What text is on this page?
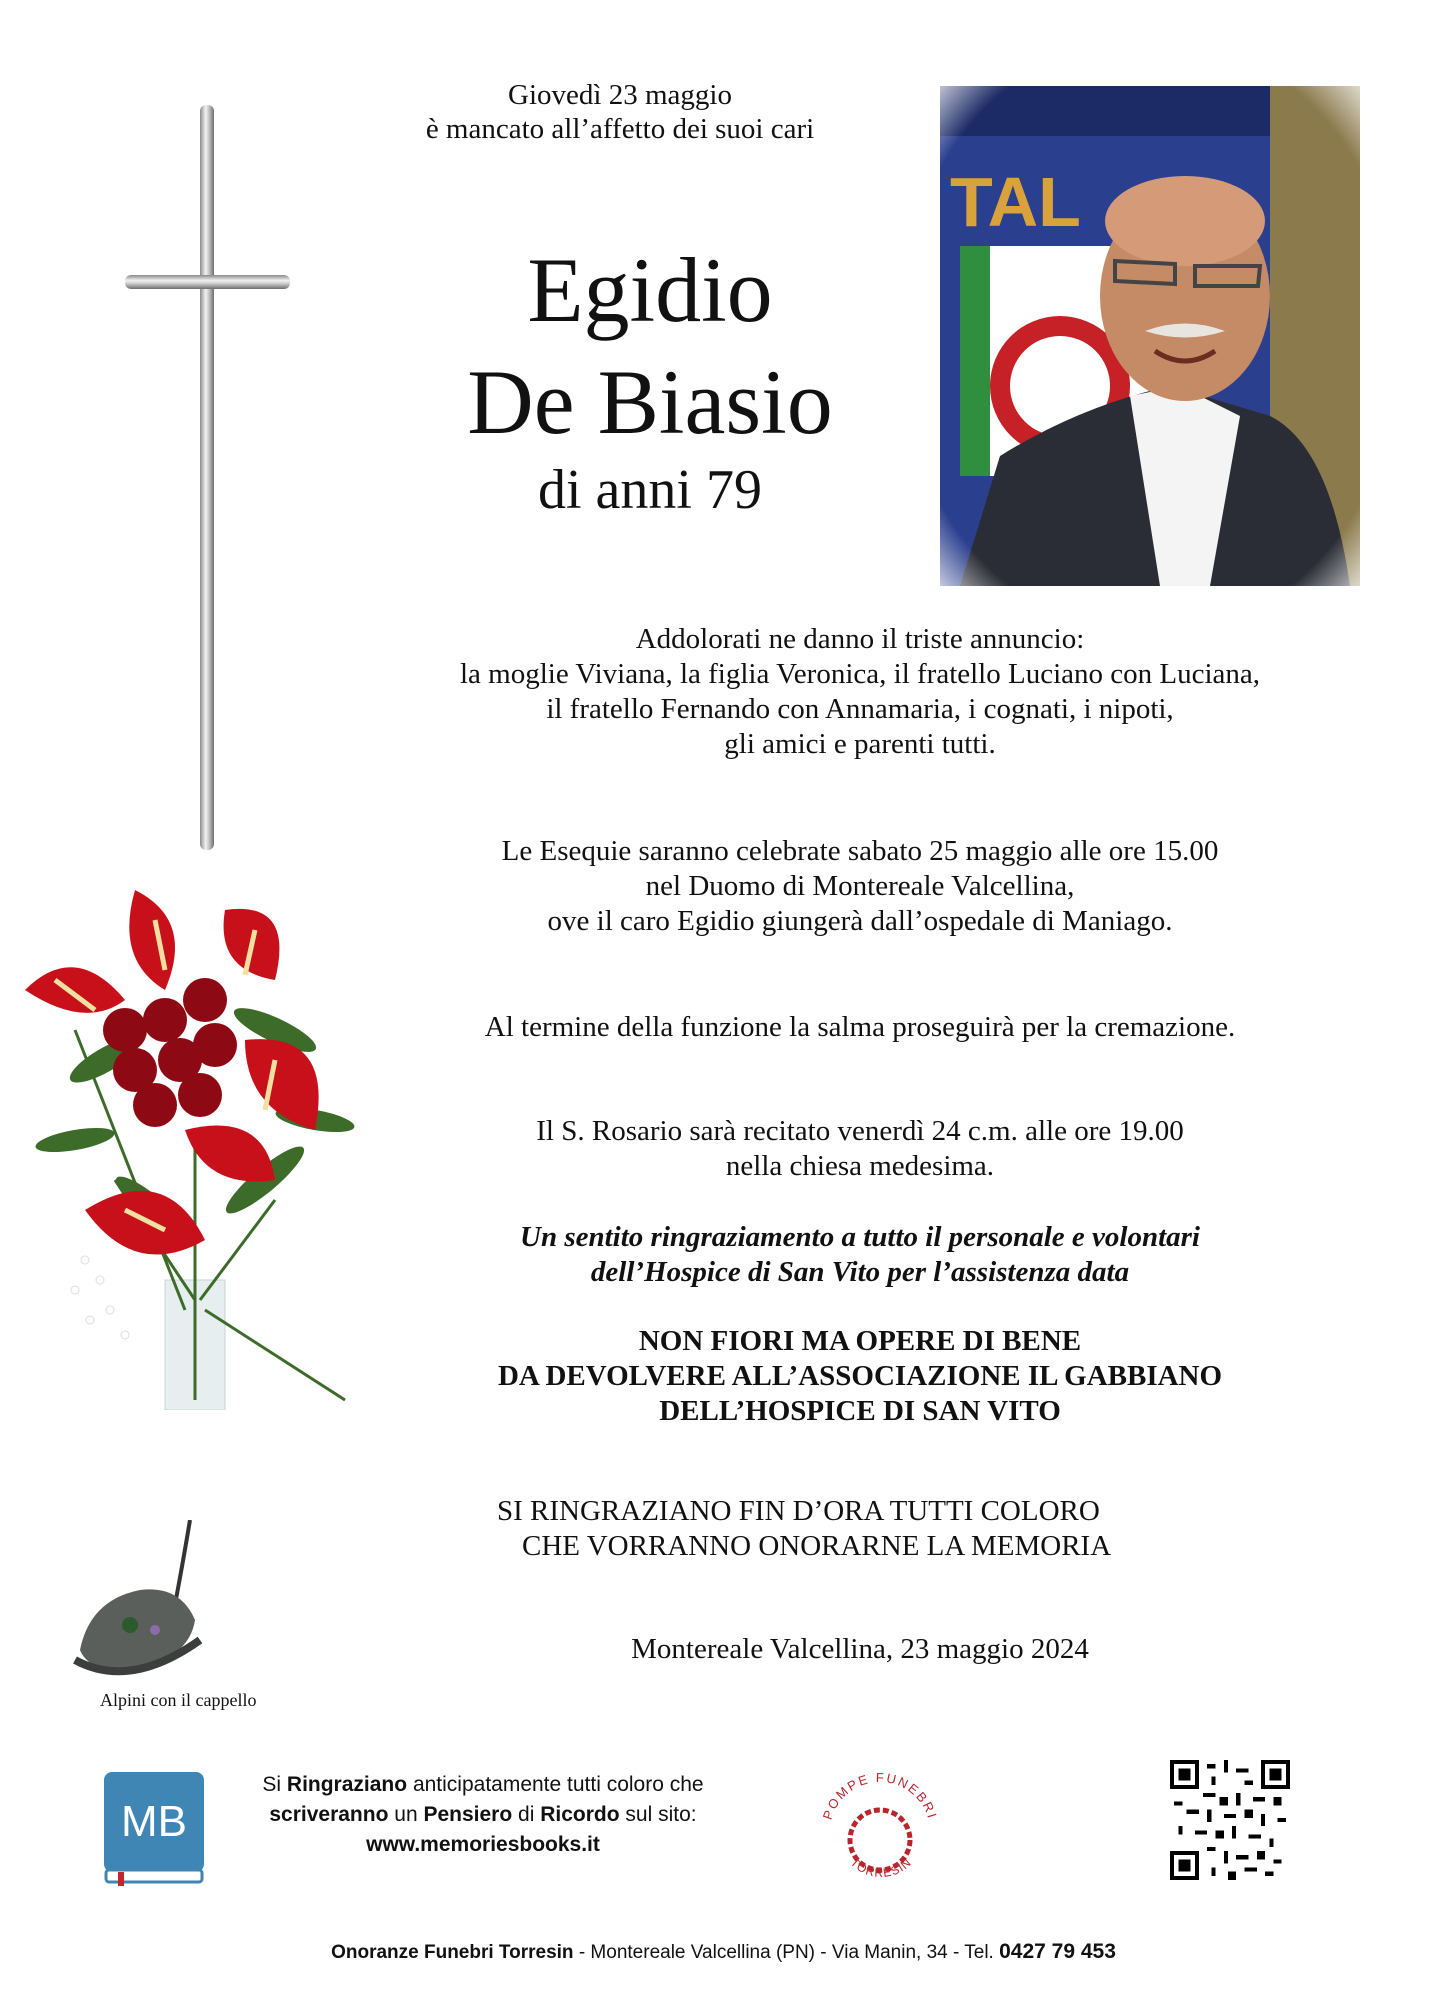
Giovedì 23 maggio
è mancato all’affetto dei suoi cari
Egidio
De Biasio
di anni 79
Addolorati ne danno il triste annuncio:
la moglie Viviana, la figlia Veronica, il fratello Luciano con Luciana,
il fratello Fernando con Annamaria, i cognati, i nipoti,
gli amici e parenti tutti.
Le Esequie saranno celebrate sabato 25 maggio alle ore 15.00
nel Duomo di Montereale Valcellina,
ove il caro Egidio giungerà dall’ospedale di Maniago.
Al termine della funzione la salma proseguirà per la cremazione.
Il S. Rosario sarà recitato venerdì 24 c.m. alle ore 19.00
nella chiesa medesima.
Un sentito ringraziamento a tutto il personale e volontari
dell’Hospice di San Vito per l’assistenza data
NON FIORI MA OPERE DI BENE
DA DEVOLVERE ALL’ASSOCIAZIONE IL GABBIANO
DELL’HOSPICE DI SAN VITO
SI RINGRAZIANO FIN D’ORA TUTTI COLORO
CHE VORRANNO ONORARNE LA MEMORIA
Montereale Valcellina, 23 maggio 2024
Alpini con il cappello
MB
Si Ringraziano anticipatamente tutti coloro che
scriveranno un Pensiero di Ricordo sul sito:
www.memoriesbooks.it
POMPE FUNEBRI
TORRESIN
Onoranze Funebri Torresin - Montereale Valcellina (PN) - Via Manin, 34 - Tel. 0427 79 453
